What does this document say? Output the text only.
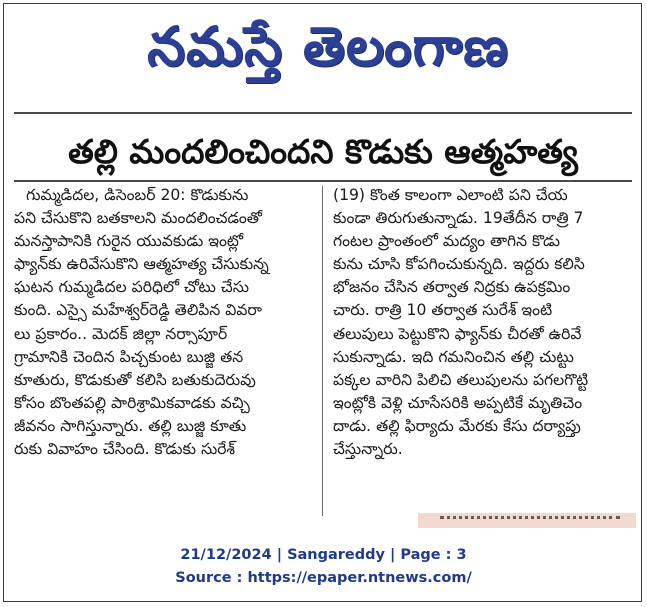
నమస్తే తెలంగాణ
తల్లి మందలించిందని కొడుకు ఆత్మహత్య
గుమ్మడిదల, డిసెంబర్ 20: కొడుకును
పని చేసుకొని బతకాలని మందలించడంతో
మనస్తాపానికి గురైన యువకుడు ఇంట్లో
ఫ్యాన్‌కు ఉరివేసుకొని ఆత్మహత్య చేసుకున్న
ఘటన గుమ్మడిదల పరిధిలో చోటు చేసు
కుంది. ఎస్సై మహేశ్వర్‌రెడ్డి తెలిపిన వివరా
లు ప్రకారం.. మెదక్ జిల్లా నర్సాపూర్
గ్రామానికి చెందిన పిచ్చకుంట బుజ్జి తన
కూతురు, కొడుకుతో కలిసి బతుకుదెరువు
కోసం బొంతపల్లి పారిశ్రామికవాడకు వచ్చి
జీవనం సాగిస్తున్నారు. తల్లి బుజ్జి కూతు
రుకు వివాహం చేసింది. కొడుకు సురేశ్
(19) కొంత కాలంగా ఎలాంటి పని చేయ
కుండా తిరుగుతున్నాడు. 19తేదీన రాత్రి 7
గంటల ప్రాంతంలో మద్యం తాగిన కొడు
కును చూసి కోపగించుకున్నది. ఇద్దరు కలిసి
భోజనం చేసిన తర్వాత నిద్రకు ఉపక్రమిం
చారు. రాత్రి 10 తర్వాత సురేశ్ ఇంటి
తలుపులు పెట్టుకొని ఫ్యాన్‌కు చీరతో ఉరివే
సుకున్నాడు. ఇది గమనించిన తల్లి చుట్టు
పక్కల వారిని పిలిచి తలుపులను పగలగొట్టి
ఇంట్లోకి వెళ్లి చూసేసరికి అప్పటికే మృతిచెం
దాడు. తల్లి ఫిర్యాదు మేరకు కేసు దర్యాప్తు
చేస్తున్నారు.
21/12/2024 | Sangareddy | Page : 3
Source : https://epaper.ntnews.com/
